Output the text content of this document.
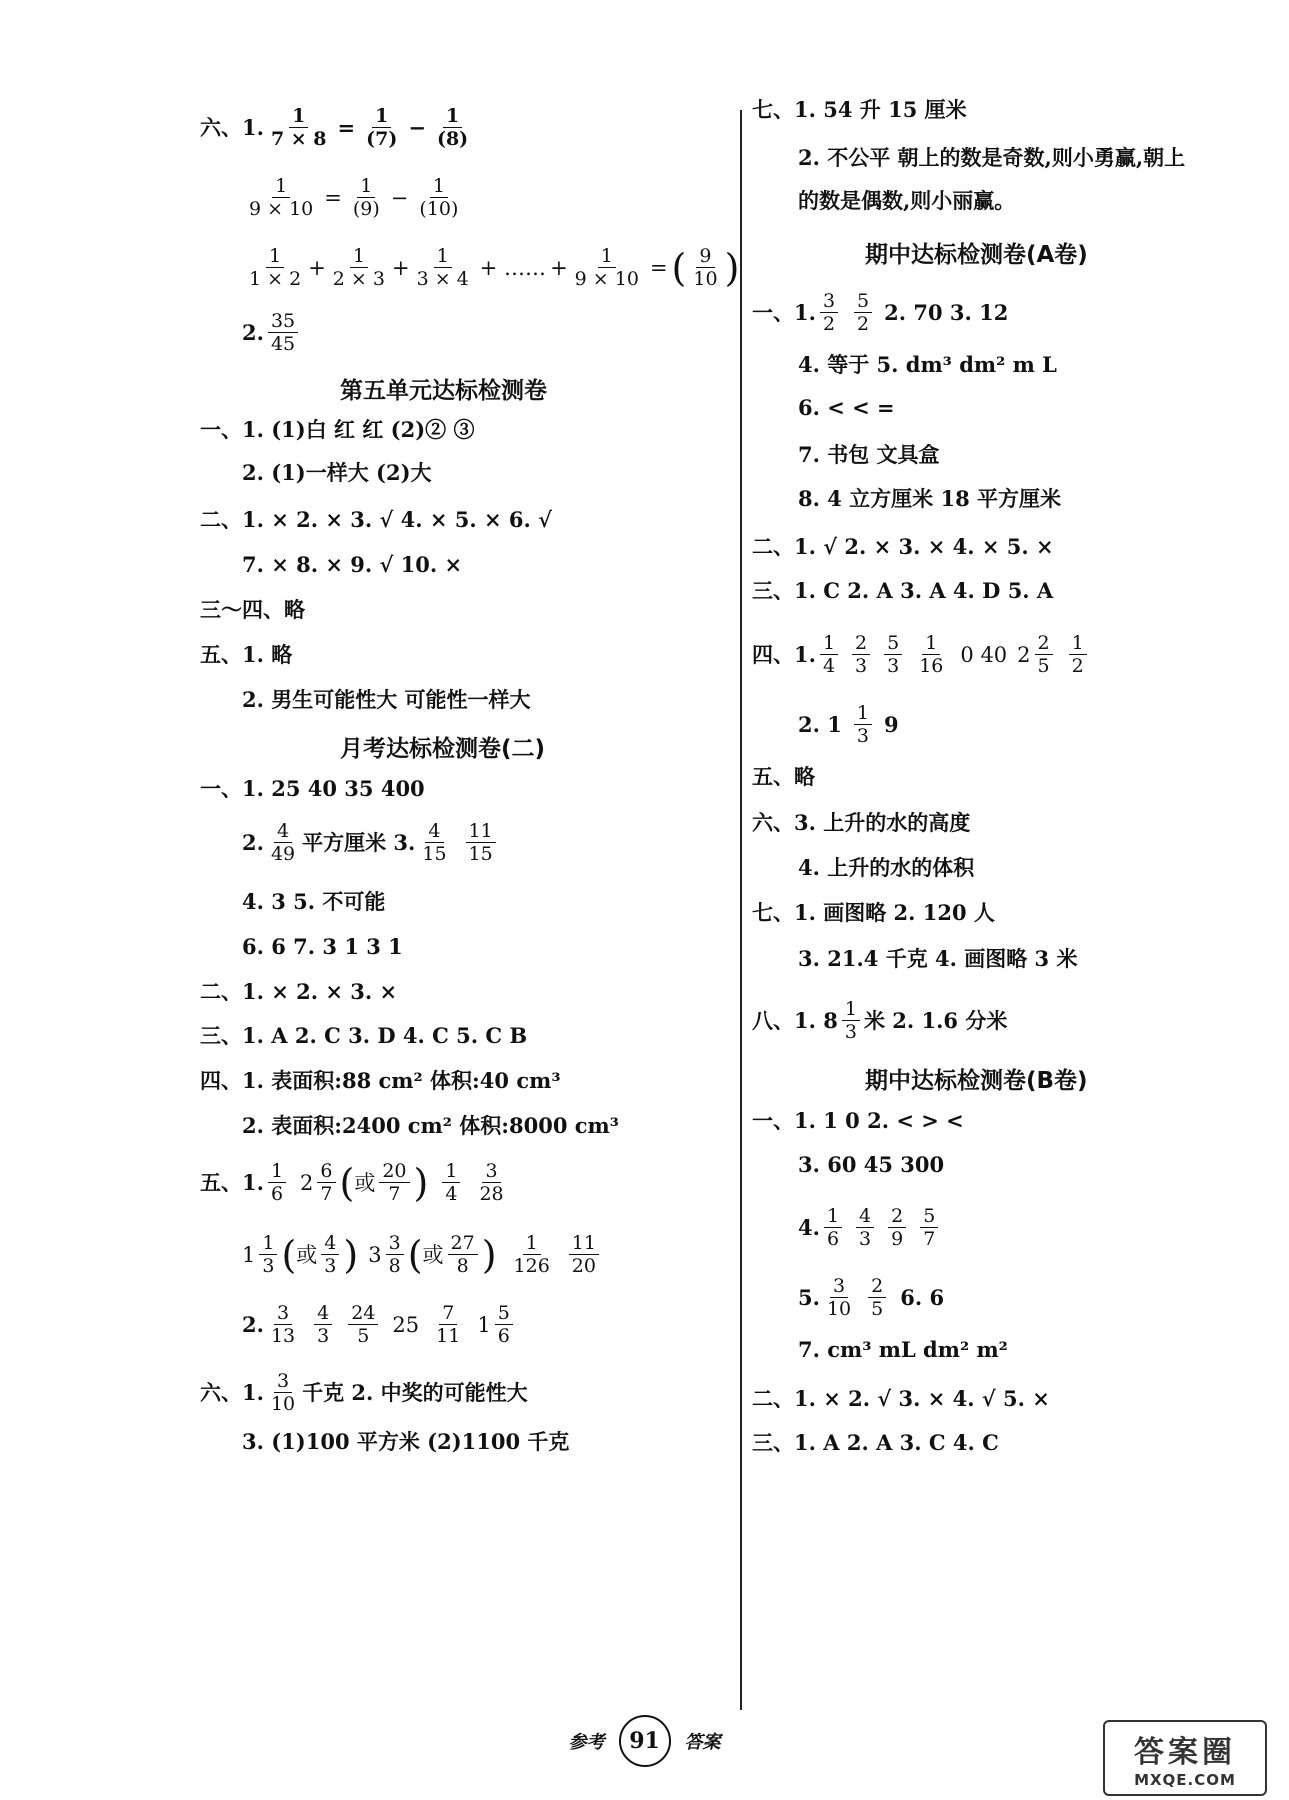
六、1. $\frac{1}{7 \times 8} = \frac{1}{(7)} - \frac{1}{(8)}$
$\frac{1}{9 \times 10} = \frac{1}{(9)} - \frac{1}{(10)}$
$\frac{1}{1 \times 2} + \frac{1}{2 \times 3} + \frac{1}{3 \times 4}$ + …… + $\frac{1}{9 \times 10}$ = ( $\frac{9}{10}$ )
2. $\frac{35}{45}$
第五单元达标检测卷
一、1. (1)白 红 红 (2)② ③
2. (1)一样大 (2)大
二、1. × 2. × 3. √ 4. × 5. × 6. √
7. × 8. × 9. √ 10. ×
三～四、略
五、1. 略
2. 男生可能性大 可能性一样大
月考达标检测卷(二)
一、1. 25 40 35 400
2. $\frac{4}{49}$ 平方厘米 3. $\frac{4}{15} \frac{11}{15}$
4. 3 5. 不可能
6. 6 7. 3 1 3 1
二、1. × 2. × 3. ×
三、1. A 2. C 3. D 4. C 5. C B
四、1. 表面积:88 cm² 体积:40 cm³
2. 表面积:2400 cm² 体积:8000 cm³
五、1. $\frac{1}{6} 2 \frac{6}{7}$ ( 或 $\frac{20}{7}$ ) $\frac{1}{4} \frac{3}{28}$
$1 \frac{1}{3}$ ( 或 $\frac{4}{3}$ ) $3 \frac{3}{8}$ ( 或 $\frac{27}{8}$ ) $\frac{1}{126} \frac{11}{20}$
2. $\frac{3}{13} \frac{4}{3} \frac{24}{5} 25 \frac{7}{11} 1 \frac{5}{6}$
六、1. $\frac{3}{10}$ 千克 2. 中奖的可能性大
3. (1)100 平方米 (2)1100 千克
七、1. 54 升 15 厘米
2. 不公平 朝上的数是奇数,则小勇赢,朝上
的数是偶数,则小丽赢。
期中达标检测卷(A卷)
一、1. $\frac{3}{2} \frac{5}{2} 2$. 70 3. 12
4. 等于 5. dm³ dm² m L
6. < < =
7. 书包 文具盒
8. 4 立方厘米 18 平方厘米
二、1. √ 2. × 3. × 4. × 5. ×
三、1. C 2. A 3. A 4. D 5. A
四、1. $\frac{1}{4} \frac{2}{3} \frac{5}{3} \frac{1}{16} 0$ 40 $2 \frac{2}{5} \frac{1}{2}$
2. $1 \frac{1}{3} 9$
五、略
六、3. 上升的水的高度
4. 上升的水的体积
七、1. 画图略 2. 120 人
3. 21.4 千克 4. 画图略 3 米
八、1. $8 \frac{1}{3}$ 米 2. 1.6 分米
期中达标检测卷(B卷)
一、1. 1 0 2. < > <
3. 60 45 300
4. $\frac{1}{6} \frac{4}{3} \frac{2}{9} \frac{5}{7}$
5. $\frac{3}{10} \frac{2}{5} 6$. 6
7. cm³ mL dm² m²
二、1. × 2. √ 3. × 4. √ 5. ×
三、1. A 2. A 3. C 4. C
参考	91	答案	答案圈
MXQE.COM
